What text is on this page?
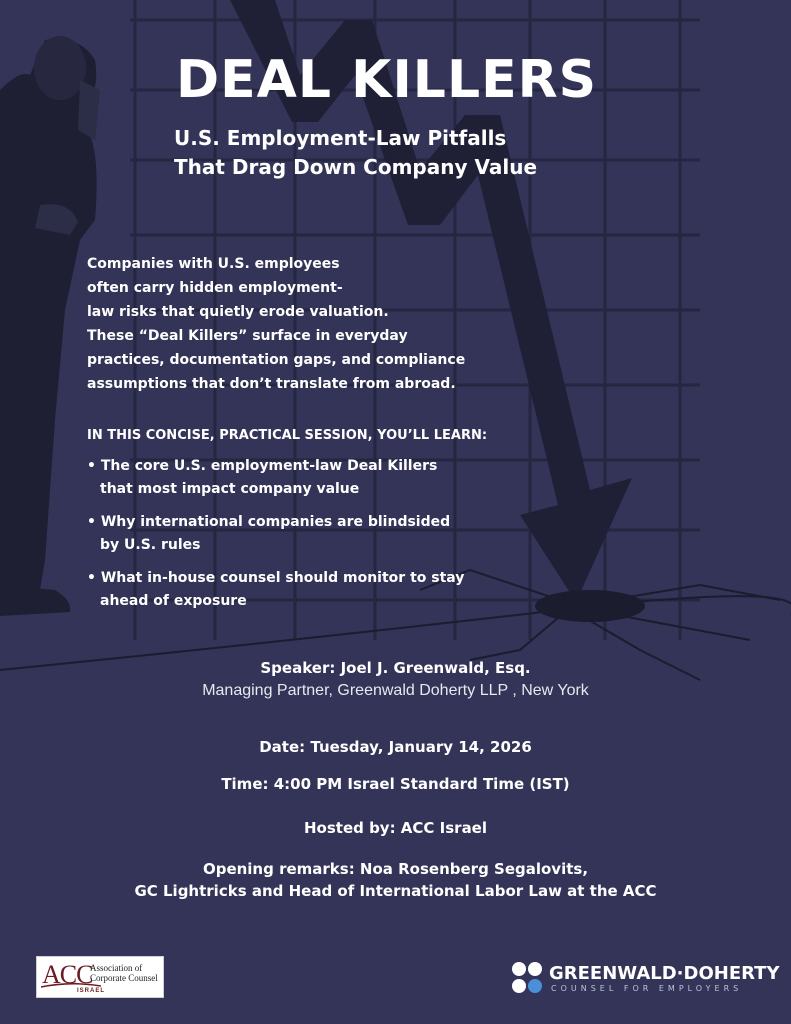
DEAL KILLERS
U.S. Employment-Law Pitfalls
That Drag Down Company Value

Companies with U.S. employees
often carry hidden employment-
law risks that quietly erode valuation.
These “Deal Killers” surface in everyday
practices, documentation gaps, and compliance
assumptions that don’t translate from abroad.

IN THIS CONCISE, PRACTICAL SESSION, YOU’LL LEARN:
• The core U.S. employment-law Deal Killers
that most impact company value
• Why international companies are blindsided
by U.S. rules
• What in-house counsel should monitor to stay
ahead of exposure
Speaker: Joel J. Greenwald, Esq.
Managing Partner, Greenwald Doherty LLP , New York
Date: Tuesday, January 14, 2026
Time: 4:00 PM Israel Standard Time (IST)
Hosted by: ACC Israel
Opening remarks: Noa Rosenberg Segalovits,
GC Lightricks and Head of International Labor Law at the ACC
ACC
Association of
Corporate Counsel
ISRAEL
GREENWALD·DOHERTY
COUNSEL FOR EMPLOYERS
